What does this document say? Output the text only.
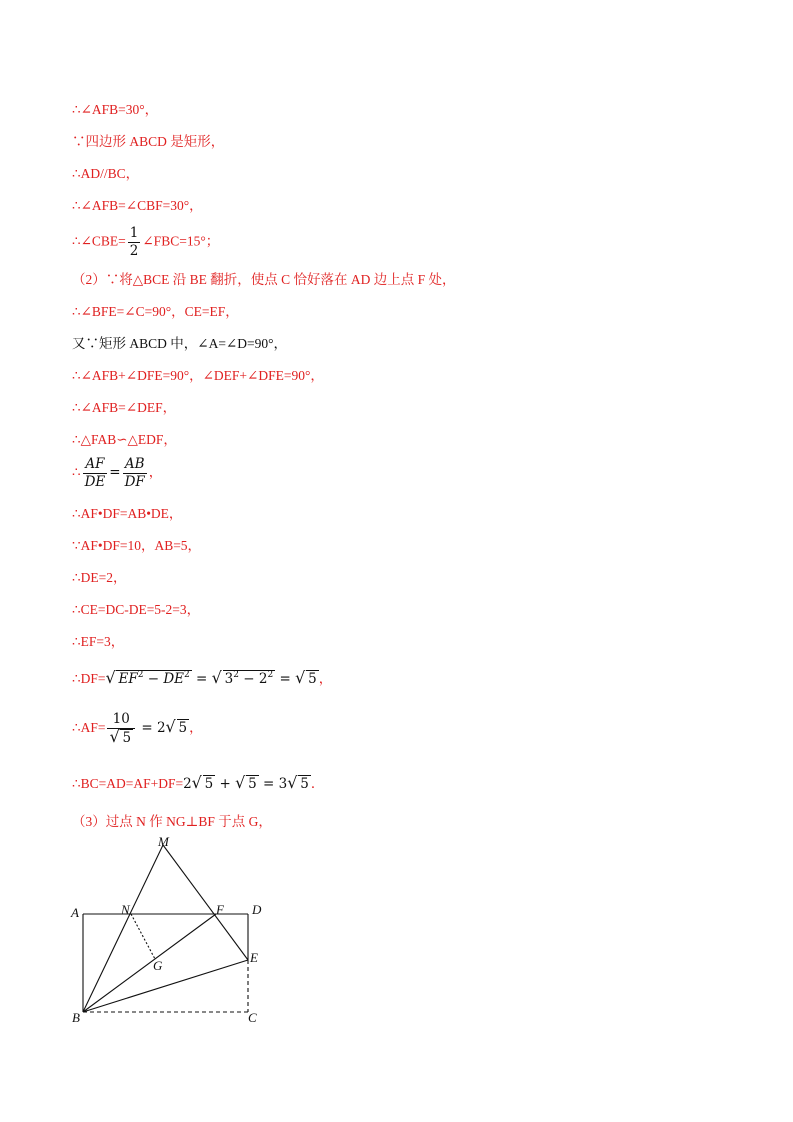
∴∠AFB=30°，
∵四边形 ABCD 是矩形，
∴AD//BC，
∴∠AFB=∠CBF=30°，
∴∠CBE= $\frac{1}{2}$ ∠FBC=15°；
（2）∵将△BCE 沿 BE 翻折，使点 C 恰好落在 AD 边上点 F 处，
∴∠BFE=∠C=90°，CE=EF，
又∵矩形 ABCD 中，∠A=∠D=90°，
∴∠AFB+∠DFE=90°，∠DEF+∠DFE=90°，
∴∠AFB=∠DEF，
∴△FAB∽△EDF，
∴ $\frac{AF}{DE} = \frac{AB}{DF}$ ，
∴AF•DF=AB•DE，
∵AF•DF=10，AB=5，
∴DE=2，
∴CE=DC-DE=5-2=3，
∴EF=3，
∴DF= √ $EF^2 - DE^2$ = √ $3^2 - 2^2$ = √ 5 ，
∴AF= $\frac{10}{√ 5} = 2$ √ 5 ，
∴BC=AD=AF+DF=2 √ 5 + √ 5 = 3 √ 5 ．
（3）过点 N 作 NG⊥BF 于点 G，
M
A	N	F D
G
E
B	C
